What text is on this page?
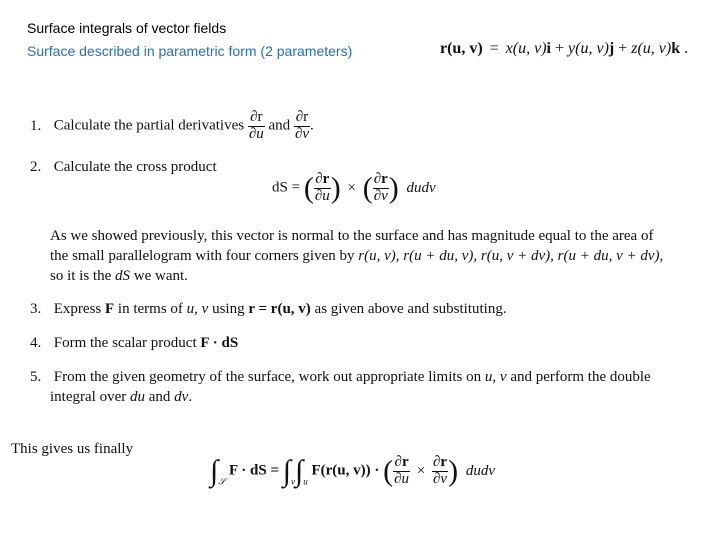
Surface integrals of vector fields
Surface described in parametric form (2 parameters)	r(u, v) = x(u, v)i + y(u, v)j + z(u, v)k .
1. Calculate the partial derivatives $\frac{\partial r}{\partial u}$ and $\frac{\partial r}{\partial v}$ .
2. Calculate the cross product
dS = ( $\frac{\partial r}{\partial u}$ ) × ( $\frac{\partial r}{\partial v}$ ) dudv
As we showed previously, this vector is normal to the surface and has magnitude equal to the area of
the small parallelogram with four corners given by r(u, v), r(u + du, v), r(u, v + dv), r(u + du, v + dv),
so it is the dS we want.
3. Express F in terms of u, v using r = r(u, v) as given above and substituting.
4. Form the scalar product F · dS
5. From the given geometry of the surface, work out appropriate limits on u, v and perform the double
integral over du and dv.
This gives us finally
$\int_𝒮$ F · dS = $\int_v\int_u$ F(r(u, v)) · ( $\frac{\partial r}{\partial u} \times \frac{\partial r}{\partial v}$ ) dudv
